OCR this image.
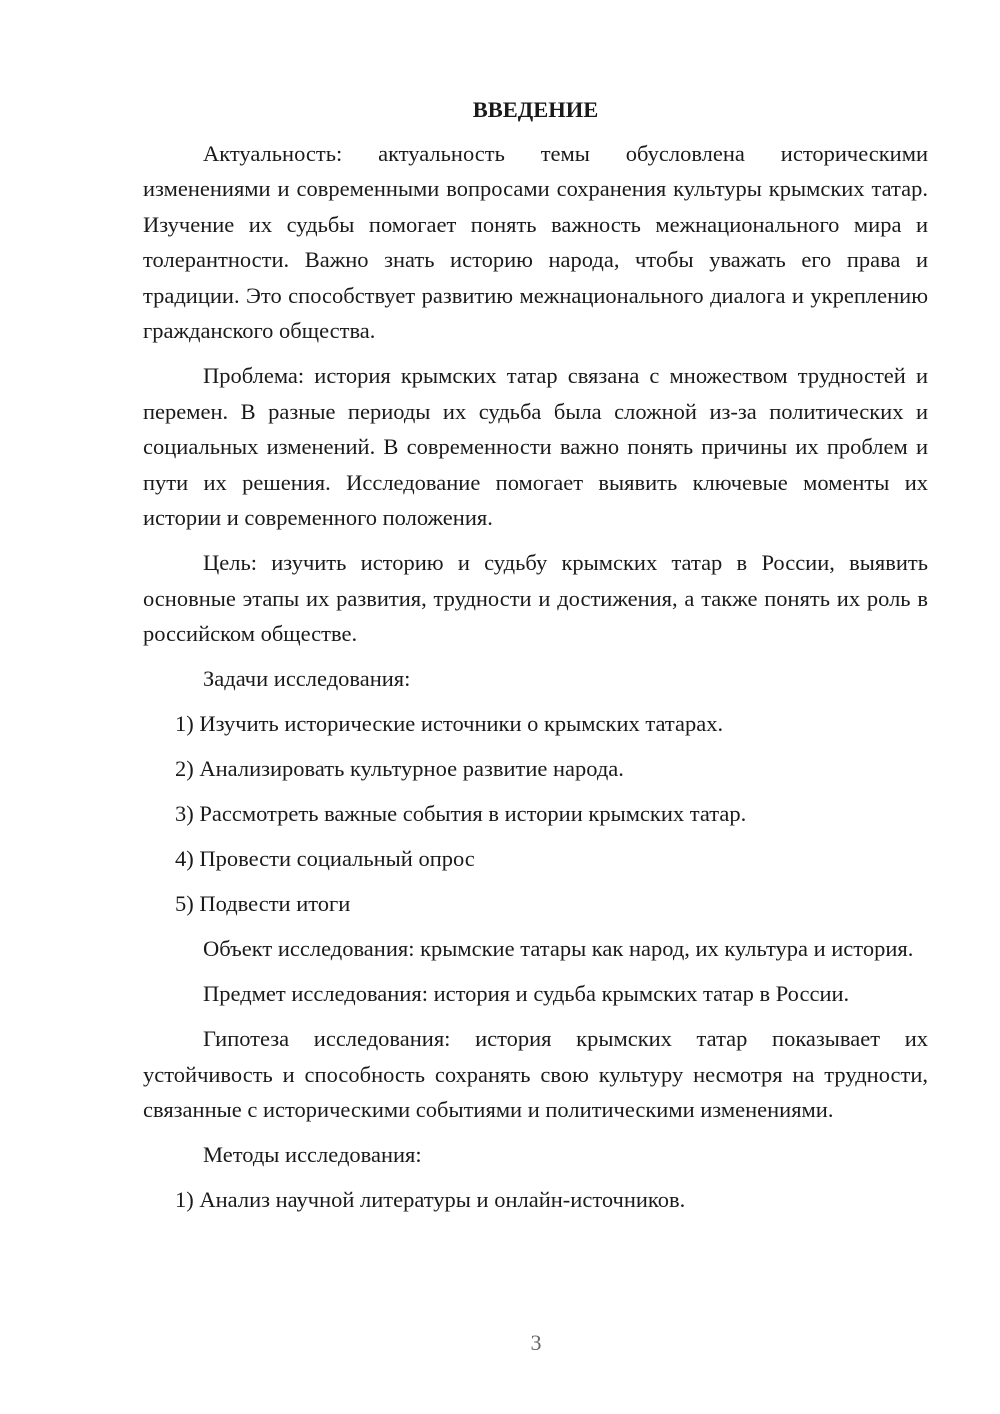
ВВЕДЕНИЕ

Актуальность: актуальность темы обусловлена историческими изменениями и современными вопросами сохранения культуры крымских татар. Изучение их судьбы помогает понять важность межнационального мира и толерантности. Важно знать историю народа, чтобы уважать его права и традиции. Это способствует развитию межнационального диалога и укреплению гражданского общества.

Проблема: история крымских татар связана с множеством трудностей и перемен. В разные периоды их судьба была сложной из-за политических и социальных изменений. В современности важно понять причины их проблем и пути их решения. Исследование помогает выявить ключевые моменты их истории и современного положения.

Цель: изучить историю и судьбу крымских татар в России, выявить основные этапы их развития, трудности и достижения, а также понять их роль в российском обществе.

Задачи исследования:

1) Изучить исторические источники о крымских татарах.

2) Анализировать культурное развитие народа.

3) Рассмотреть важные события в истории крымских татар.

4) Провести социальный опрос

5) Подвести итоги

Объект исследования: крымские татары как народ, их культура и история.

Предмет исследования: история и судьба крымских татар в России.

Гипотеза исследования: история крымских татар показывает их устойчивость и способность сохранять свою культуру несмотря на трудности, связанные с историческими событиями и политическими изменениями.

Методы исследования:

1) Анализ научной литературы и онлайн-источников.

3
